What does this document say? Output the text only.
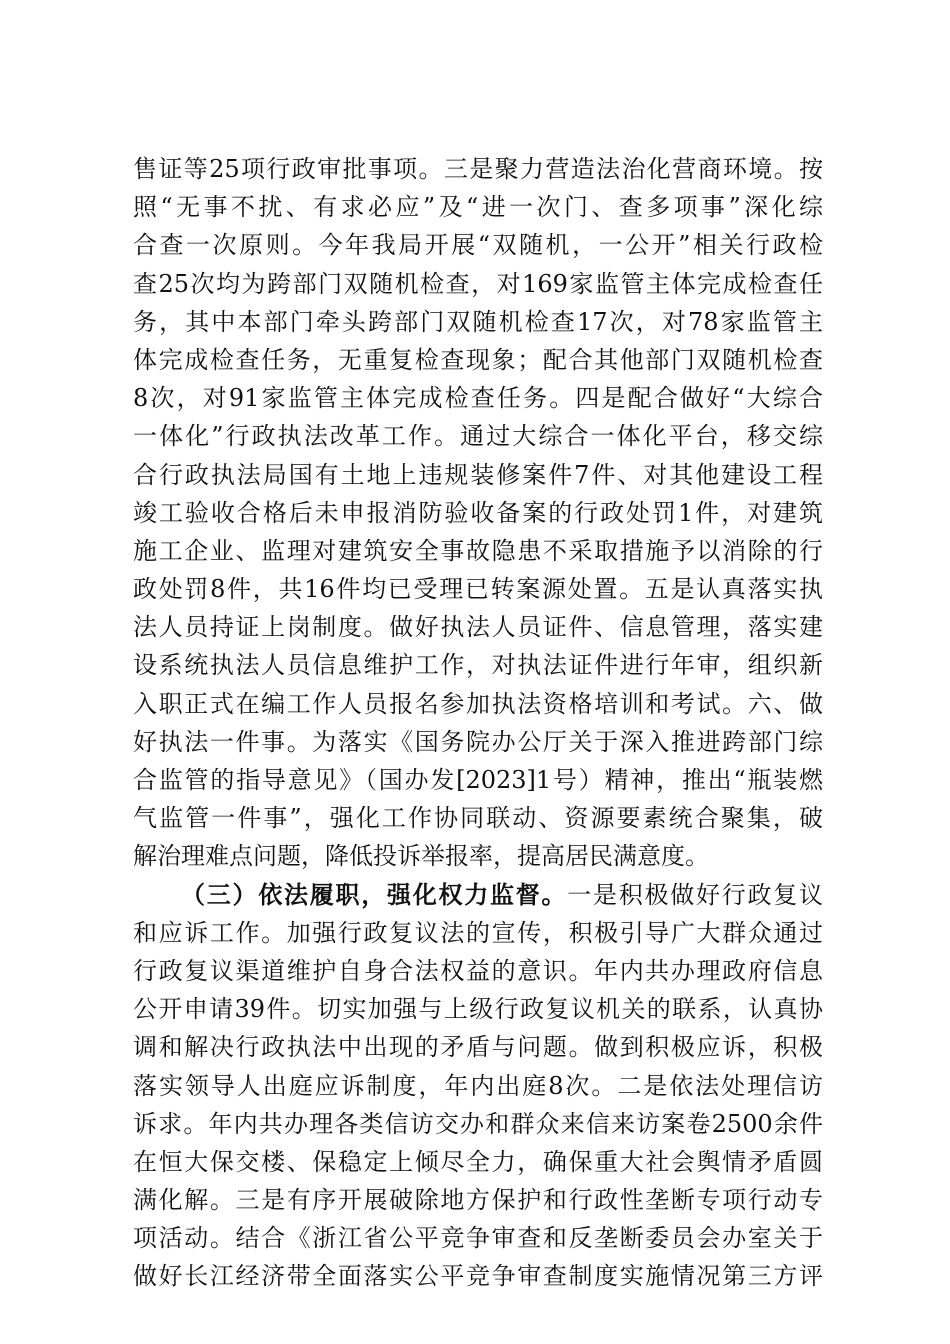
售证等25项行政审批事项。三是聚力营造法治化营商环境。按
照“无事不扰、有求必应”及“进一次门、查多项事”深化综
合查一次原则。今年我局开展“双随机，一公开”相关行政检
查25次均为跨部门双随机检查，对169家监管主体完成检查任
务，其中本部门牵头跨部门双随机检查17次，对78家监管主
体完成检查任务，无重复检查现象；配合其他部门双随机检查
8次，对91家监管主体完成检查任务。四是配合做好“大综合
一体化”行政执法改革工作。通过大综合一体化平台，移交综
合行政执法局国有土地上违规装修案件7件、对其他建设工程
竣工验收合格后未申报消防验收备案的行政处罚1件，对建筑
施工企业、监理对建筑安全事故隐患不采取措施予以消除的行
政处罚8件，共16件均已受理已转案源处置。五是认真落实执
法人员持证上岗制度。做好执法人员证件、信息管理，落实建
设系统执法人员信息维护工作，对执法证件进行年审，组织新
入职正式在编工作人员报名参加执法资格培训和考试。六、做
好执法一件事。为落实《国务院办公厅关于深入推进跨部门综
合监管的指导意见》（国办发[2023]1号）精神，推出“瓶装燃
气监管一件事”，强化工作协同联动、资源要素统合聚集，破
解治理难点问题，降低投诉举报率，提高居民满意度。
（三）依法履职，强化权力监督。一是积极做好行政复议
和应诉工作。加强行政复议法的宣传，积极引导广大群众通过
行政复议渠道维护自身合法权益的意识。年内共办理政府信息
公开申请39件。切实加强与上级行政复议机关的联系，认真协
调和解决行政执法中出现的矛盾与问题。做到积极应诉，积极
落实领导人出庭应诉制度，年内出庭8次。二是依法处理信访
诉求。年内共办理各类信访交办和群众来信来访案卷2500余件
在恒大保交楼、保稳定上倾尽全力，确保重大社会舆情矛盾圆
满化解。三是有序开展破除地方保护和行政性垄断专项行动专
项活动。结合《浙江省公平竞争审查和反垄断委员会办室关于
做好长江经济带全面落实公平竞争审查制度实施情况第三方评
